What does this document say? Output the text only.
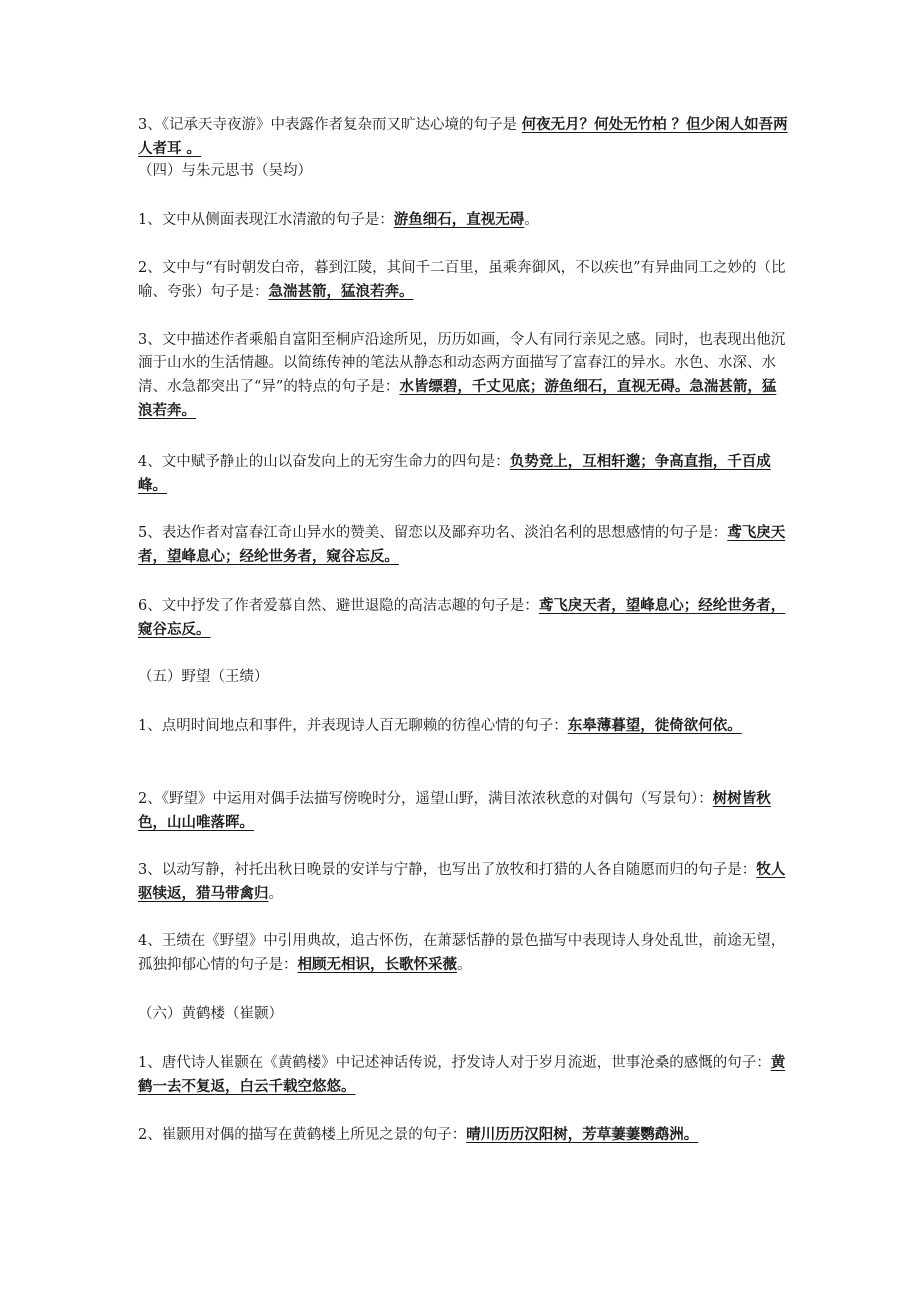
3、《记承天寺夜游》中表露作者复杂而又旷达心境的句子是 何夜无月？何处无竹柏 ？但少闲人如吾两人者耳 。

（四）与朱元思书（吴均）

1、文中从侧面表现江水清澈的句子是：游鱼细石，直视无碍。

2、文中与“有时朝发白帝，暮到江陵，其间千二百里，虽乘奔御风，不以疾也”有异曲同工之妙的（比喻、夸张）句子是：急湍甚箭，猛浪若奔。

3、文中描述作者乘船自富阳至桐庐沿途所见，历历如画，令人有同行亲见之感。同时，也表现出他沉湎于山水的生活情趣。以简练传神的笔法从静态和动态两方面描写了富春江的异水。水色、水深、水清、水急都突出了“异”的特点的句子是：水皆缥碧，千丈见底；游鱼细石，直视无碍。急湍甚箭，猛浪若奔。

4、文中赋予静止的山以奋发向上的无穷生命力的四句是：负势竞上，互相轩邈；争高直指，千百成峰。

5、表达作者对富春江奇山异水的赞美、留恋以及鄙弃功名、淡泊名利的思想感情的句子是：鸢飞戾天者，望峰息心；经纶世务者，窥谷忘反。

6、文中抒发了作者爱慕自然、避世退隐的高洁志趣的句子是：鸢飞戾天者，望峰息心；经纶世务者，窥谷忘反。

（五）野望（王绩）

1、点明时间地点和事件，并表现诗人百无聊赖的彷徨心情的句子：东皋薄暮望，徙倚欲何依。

2、《野望》中运用对偶手法描写傍晚时分，遥望山野，满目浓浓秋意的对偶句（写景句）：树树皆秋色，山山唯落晖。

3、以动写静，衬托出秋日晚景的安详与宁静，也写出了放牧和打猎的人各自随愿而归的句子是：牧人驱犊返，猎马带禽归。

4、王绩在《野望》中引用典故，追古怀伤，在萧瑟恬静的景色描写中表现诗人身处乱世，前途无望，孤独抑郁心情的句子是：相顾无相识，长歌怀采薇。

（六）黄鹤楼（崔颢）

1、唐代诗人崔颢在《黄鹤楼》中记述神话传说，抒发诗人对于岁月流逝，世事沧桑的感慨的句子：黄鹤一去不复返，白云千载空悠悠。

2、崔颢用对偶的描写在黄鹤楼上所见之景的句子：晴川历历汉阳树，芳草萋萋鹦鹉洲。
